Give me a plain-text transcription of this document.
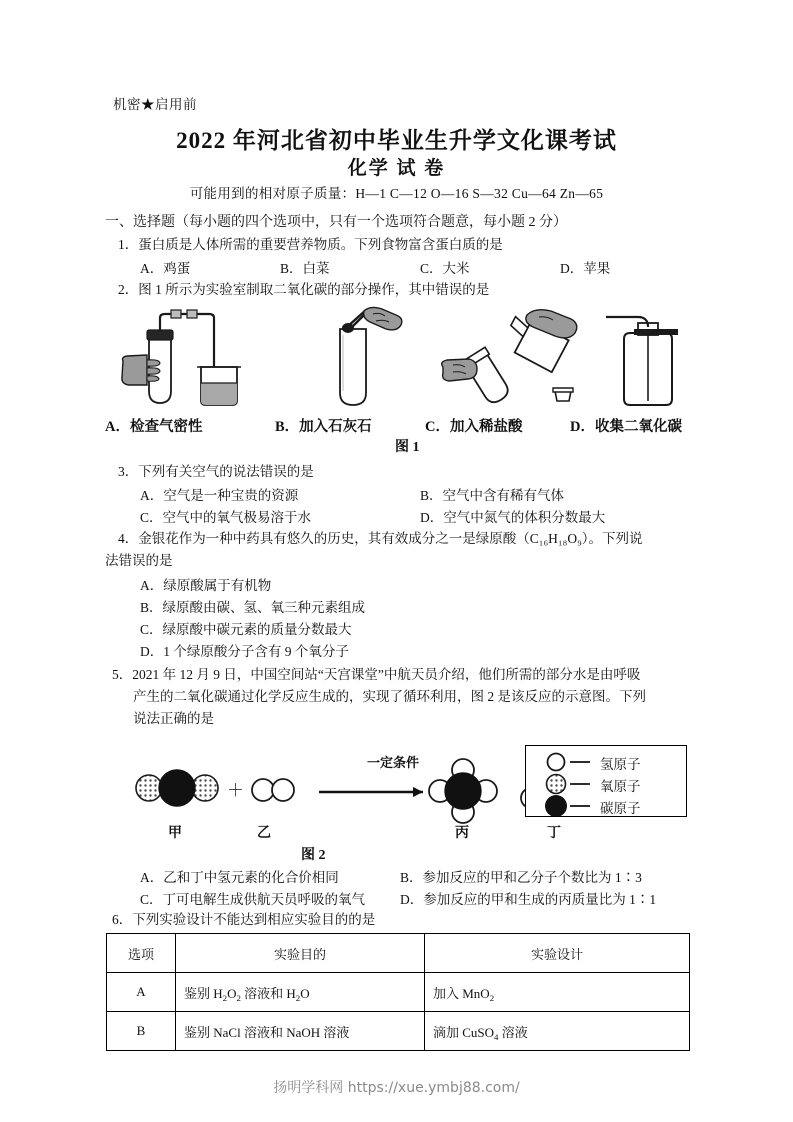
机密★启用前
2022 年河北省初中毕业生升学文化课考试
化学 试 卷
可能用到的相对原子质量：H—1 C—12 O—16 S—32 Cu—64 Zn—65
一、选择题（每小题的四个选项中，只有一个选项符合题意，每小题 2 分）
1．蛋白质是人体所需的重要营养物质。下列食物富含蛋白质的是
A．鸡蛋	B．白菜	C．大米	D．苹果
2．图 1 所示为实验室制取二氧化碳的部分操作，其中错误的是
A．检查气密性	B．加入石灰石	C．加入稀盐酸	D．收集二氧化碳
图 1
3．下列有关空气的说法错误的是
A．空气是一种宝贵的资源	B．空气中含有稀有气体
C．空气中的氧气极易溶于水	D．空气中氮气的体积分数最大
4．金银花作为一种中药具有悠久的历史，其有效成分之一是绿原酸（C₁₆H₁₈O₉）。下列说
法错误的是
A．绿原酸属于有机物
B．绿原酸由碳、氢、氧三种元素组成
C．绿原酸中碳元素的质量分数最大
D．1 个绿原酸分子含有 9 个氧分子
5．2021 年 12 月 9 日，中国空间站“天宫课堂”中航天员介绍，他们所需的部分水是由呼吸
产生的二氧化碳通过化学反应生成的，实现了循环利用，图 2 是该反应的示意图。下列
说法正确的是
＋	＋
一定条件
甲	乙	丙	丁
图 2
氢原子
氧原子
碳原子
A．乙和丁中氢元素的化合价相同	B．参加反应的甲和乙分子个数比为 1∶3
C．丁可电解生成供航天员呼吸的氧气	D．参加反应的甲和生成的丙质量比为 1∶1
6．下列实验设计不能达到相应实验目的的是
选项	实验目的	实验设计
A	鉴别 $H_2O_2$ 溶液和 $H_2O$	加入 MnO$_2$
B	鉴别 NaCl 溶液和 NaOH 溶液	滴加 CuSO$_4$ 溶液
扬明学科网 https://xue.ymbj88.com/
